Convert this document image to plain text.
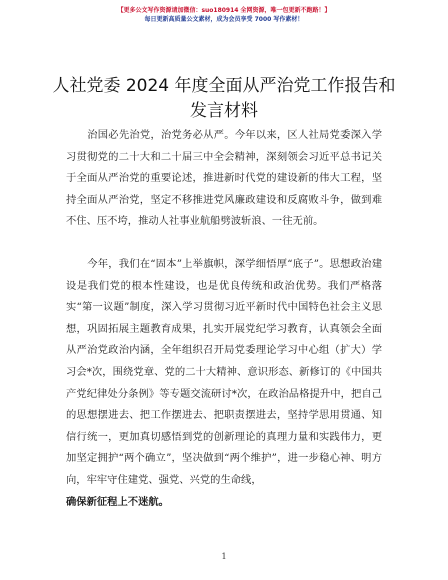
【更多公文写作资源请加微信：suo180914 全网资源，唯一包更新不跑路！】
每日更新高质量公文素材，成为会员享受 7000 写作素材！
人社党委 2024 年度全面从严治党工作报告和发言材料

治国必先治党，治党务必从严。今年以来，区人社局党委深入学习贯彻党的二十大和二十届三中全会精神，深刻领会习近平总书记关于全面从严治党的重要论述，推进新时代党的建设新的伟大工程，坚持全面从严治党，坚定不移推进党风廉政建设和反腐败斗争，做到难不住、压不垮，推动人社事业航船劈波斩浪、一往无前。

今年，我们在“固本”上举旗帜，深学细悟厚“底子”。思想政治建设是我们党的根本性建设，也是优良传统和政治优势。我们严格落实“第一议题”制度，深入学习贯彻习近平新时代中国特色社会主义思想，巩固拓展主题教育成果，扎实开展党纪学习教育，认真领会全面从严治党政治内涵，全年组织召开局党委理论学习中心组（扩大）学习会*次，围绕党章、党的二十大精神、意识形态、新修订的《中国共产党纪律处分条例》等专题交流研讨*次，在政治品格提升中，把自己的思想摆进去、把工作摆进去、把职责摆进去，坚持学思用贯通、知信行统一，更加真切感悟到党的创新理论的真理力量和实践伟力，更加坚定拥护“两个确立”，坚决做到“两个维护”，进一步稳心神、明方向，牢牢守住建党、强党、兴党的生命线，
确保新征程上不迷航。

1
